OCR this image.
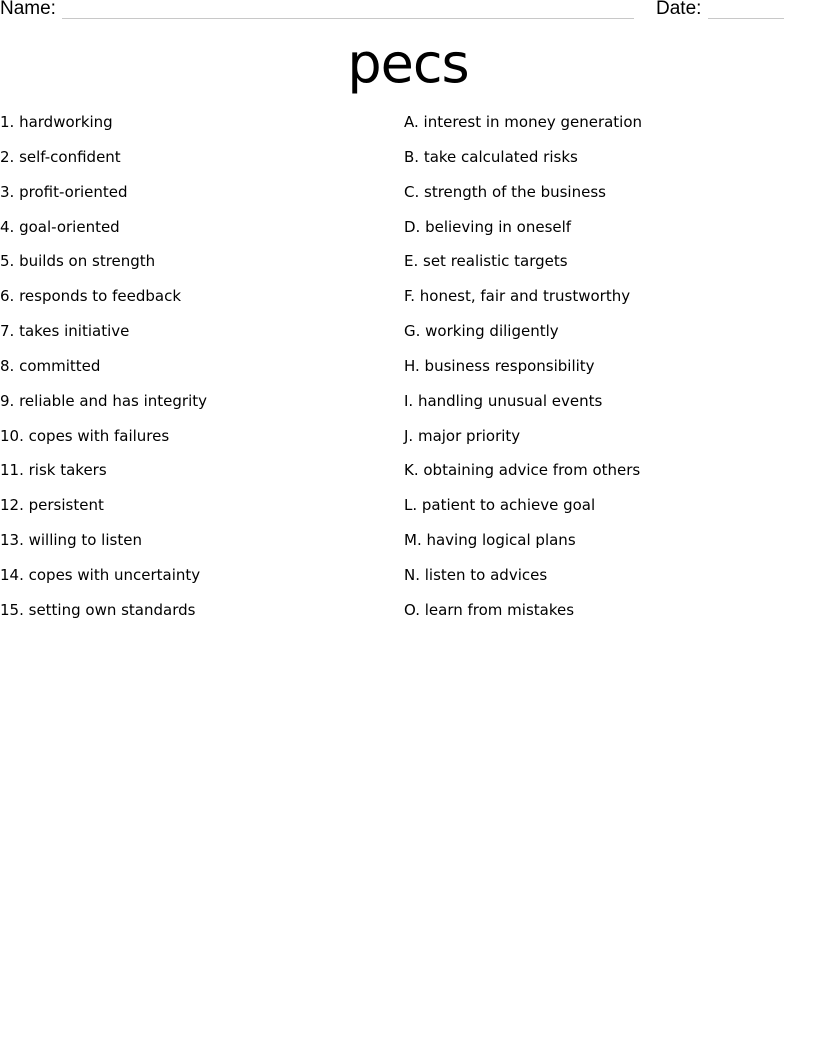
Name:	Date:
pecs
1. hardworking
2. self-confident
3. profit-oriented
4. goal-oriented
5. builds on strength
6. responds to feedback
7. takes initiative
8. committed
9. reliable and has integrity
10. copes with failures
11. risk takers
12. persistent
13. willing to listen
14. copes with uncertainty
15. setting own standards
A. interest in money generation
B. take calculated risks
C. strength of the business
D. believing in oneself
E. set realistic targets
F. honest, fair and trustworthy
G. working diligently
H. business responsibility
I. handling unusual events
J. major priority
K. obtaining advice from others
L. patient to achieve goal
M. having logical plans
N. listen to advices
O. learn from mistakes
